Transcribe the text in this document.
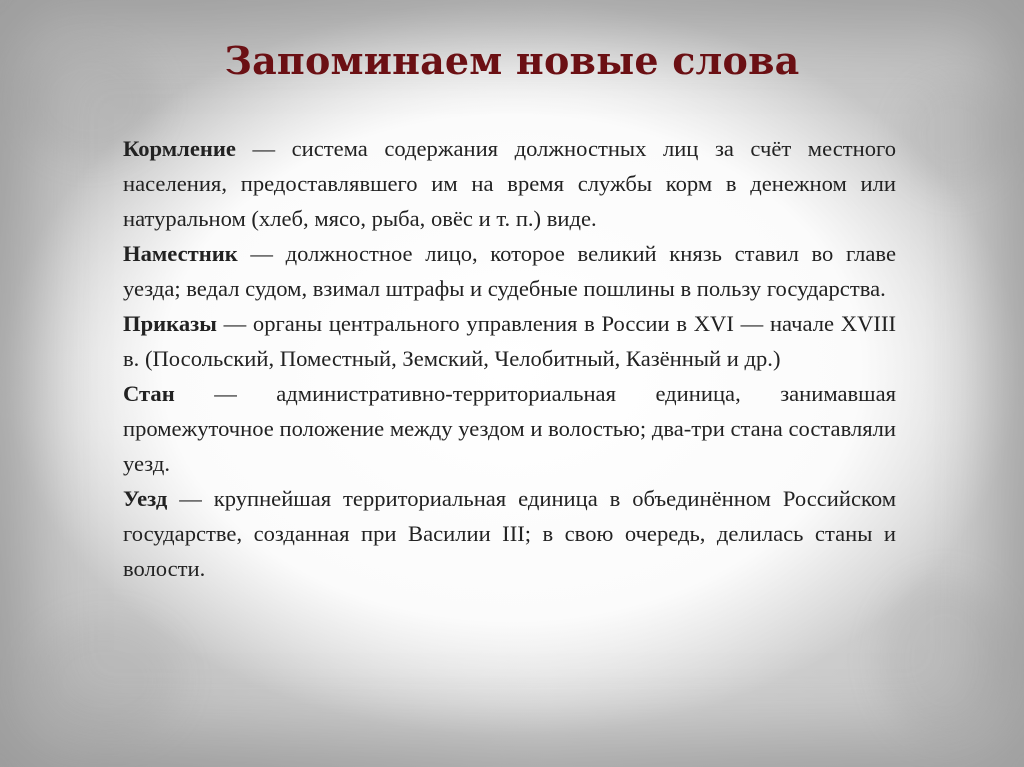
Запоминаем новые слова

Кормление — система содержания должностных лиц за счёт местного населения, предоставлявшего им на время службы корм в денежном или натуральном (хлеб, мясо, рыба, овёс и т. п.) виде.

Наместник — должностное лицо, которое великий князь ставил во главе уезда; ведал судом, взимал штрафы и судебные пошлины в пользу государства.

Приказы — органы центрального управления в России в XVI — начале XVIII в. (Посольский, Поместный, Земский, Челобитный, Казённый и др.)

Стан — административно-территориальная единица, занимавшая промежуточное положение между уездом и волостью; два-три стана составляли уезд.

Уезд — крупнейшая территориальная единица в объединённом Российском государстве, созданная при Василии III; в свою очередь, делилась станы и волости.
